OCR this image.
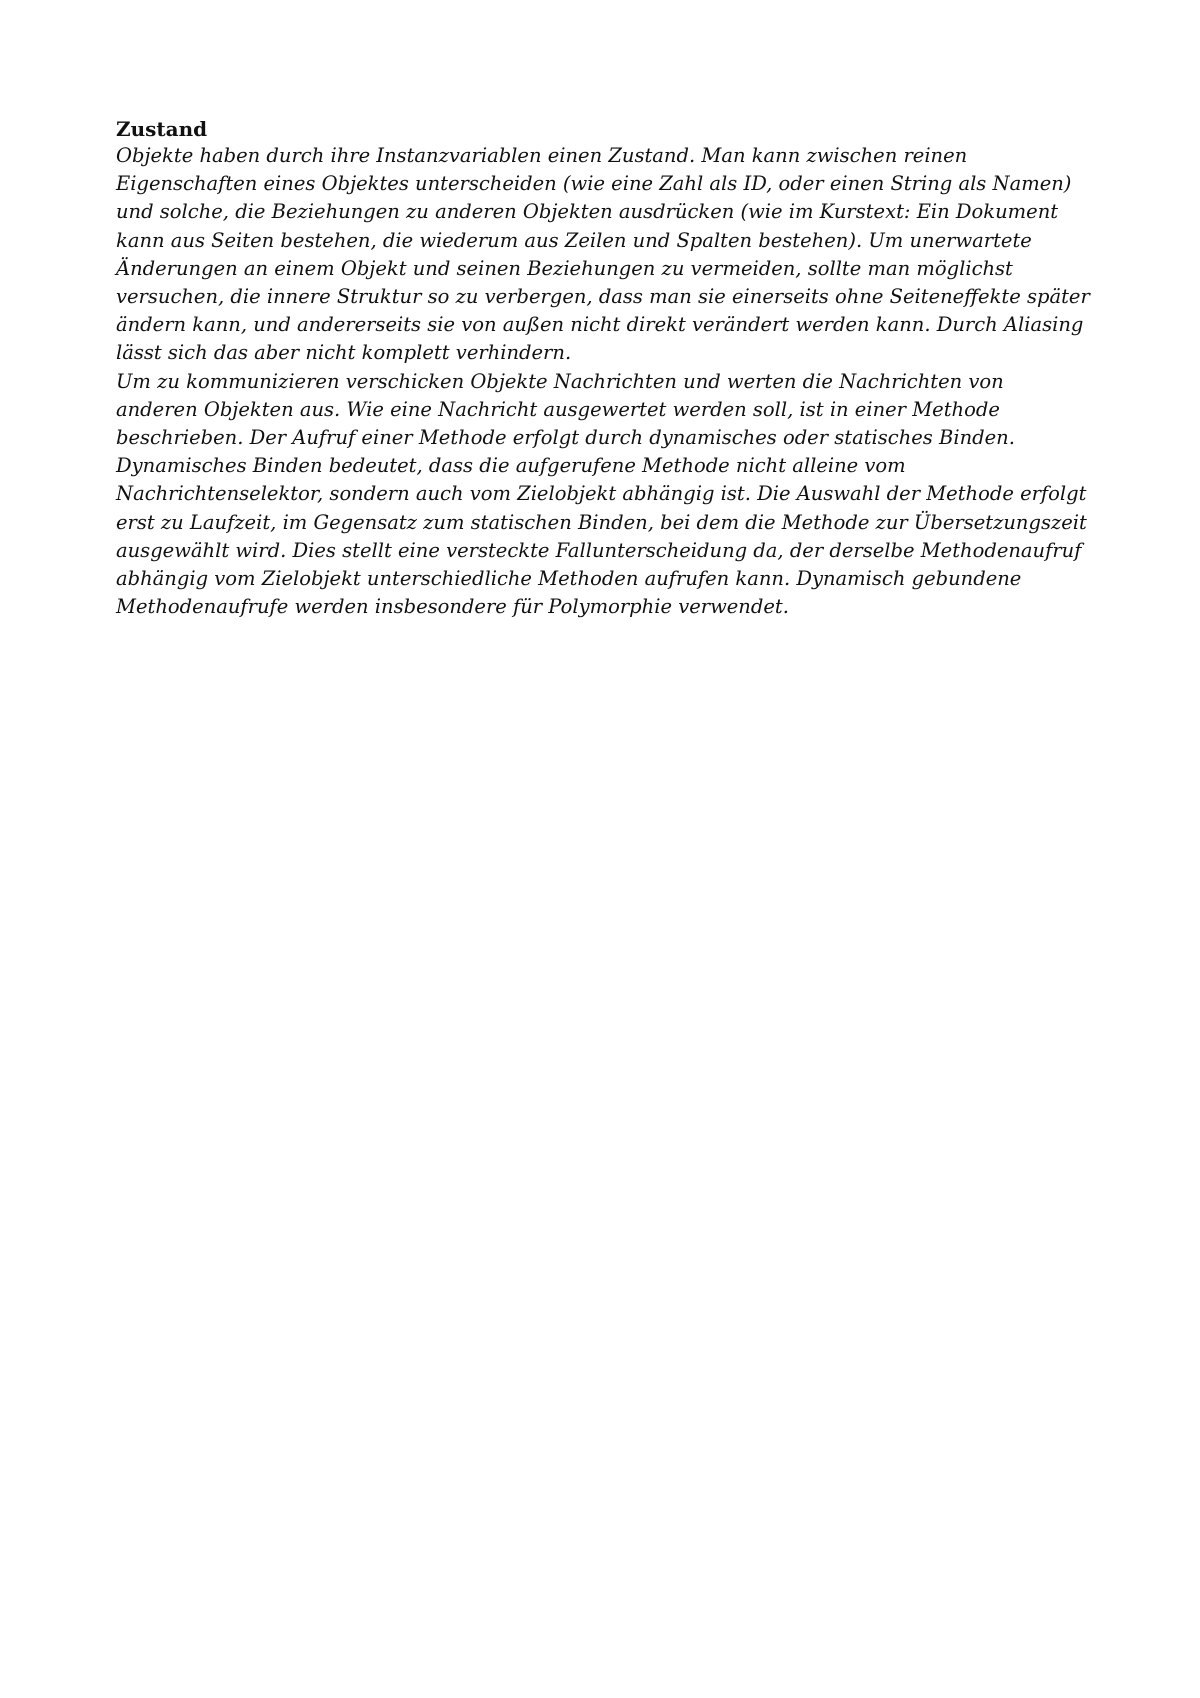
Zustand
Objekte haben durch ihre Instanzvariablen einen Zustand. Man kann zwischen reinen
Eigenschaften eines Objektes unterscheiden (wie eine Zahl als ID, oder einen String als Namen)
und solche, die Beziehungen zu anderen Objekten ausdrücken (wie im Kurstext: Ein Dokument
kann aus Seiten bestehen, die wiederum aus Zeilen und Spalten bestehen). Um unerwartete
Änderungen an einem Objekt und seinen Beziehungen zu vermeiden, sollte man möglichst
versuchen, die innere Struktur so zu verbergen, dass man sie einerseits ohne Seiteneffekte später
ändern kann, und andererseits sie von außen nicht direkt verändert werden kann. Durch Aliasing
lässt sich das aber nicht komplett verhindern.
Um zu kommunizieren verschicken Objekte Nachrichten und werten die Nachrichten von
anderen Objekten aus. Wie eine Nachricht ausgewertet werden soll, ist in einer Methode
beschrieben. Der Aufruf einer Methode erfolgt durch dynamisches oder statisches Binden.
Dynamisches Binden bedeutet, dass die aufgerufene Methode nicht alleine vom
Nachrichtenselektor, sondern auch vom Zielobjekt abhängig ist. Die Auswahl der Methode erfolgt
erst zu Laufzeit, im Gegensatz zum statischen Binden, bei dem die Methode zur Übersetzungszeit
ausgewählt wird. Dies stellt eine versteckte Fallunterscheidung da, der derselbe Methodenaufruf
abhängig vom Zielobjekt unterschiedliche Methoden aufrufen kann. Dynamisch gebundene
Methodenaufrufe werden insbesondere für Polymorphie verwendet.
